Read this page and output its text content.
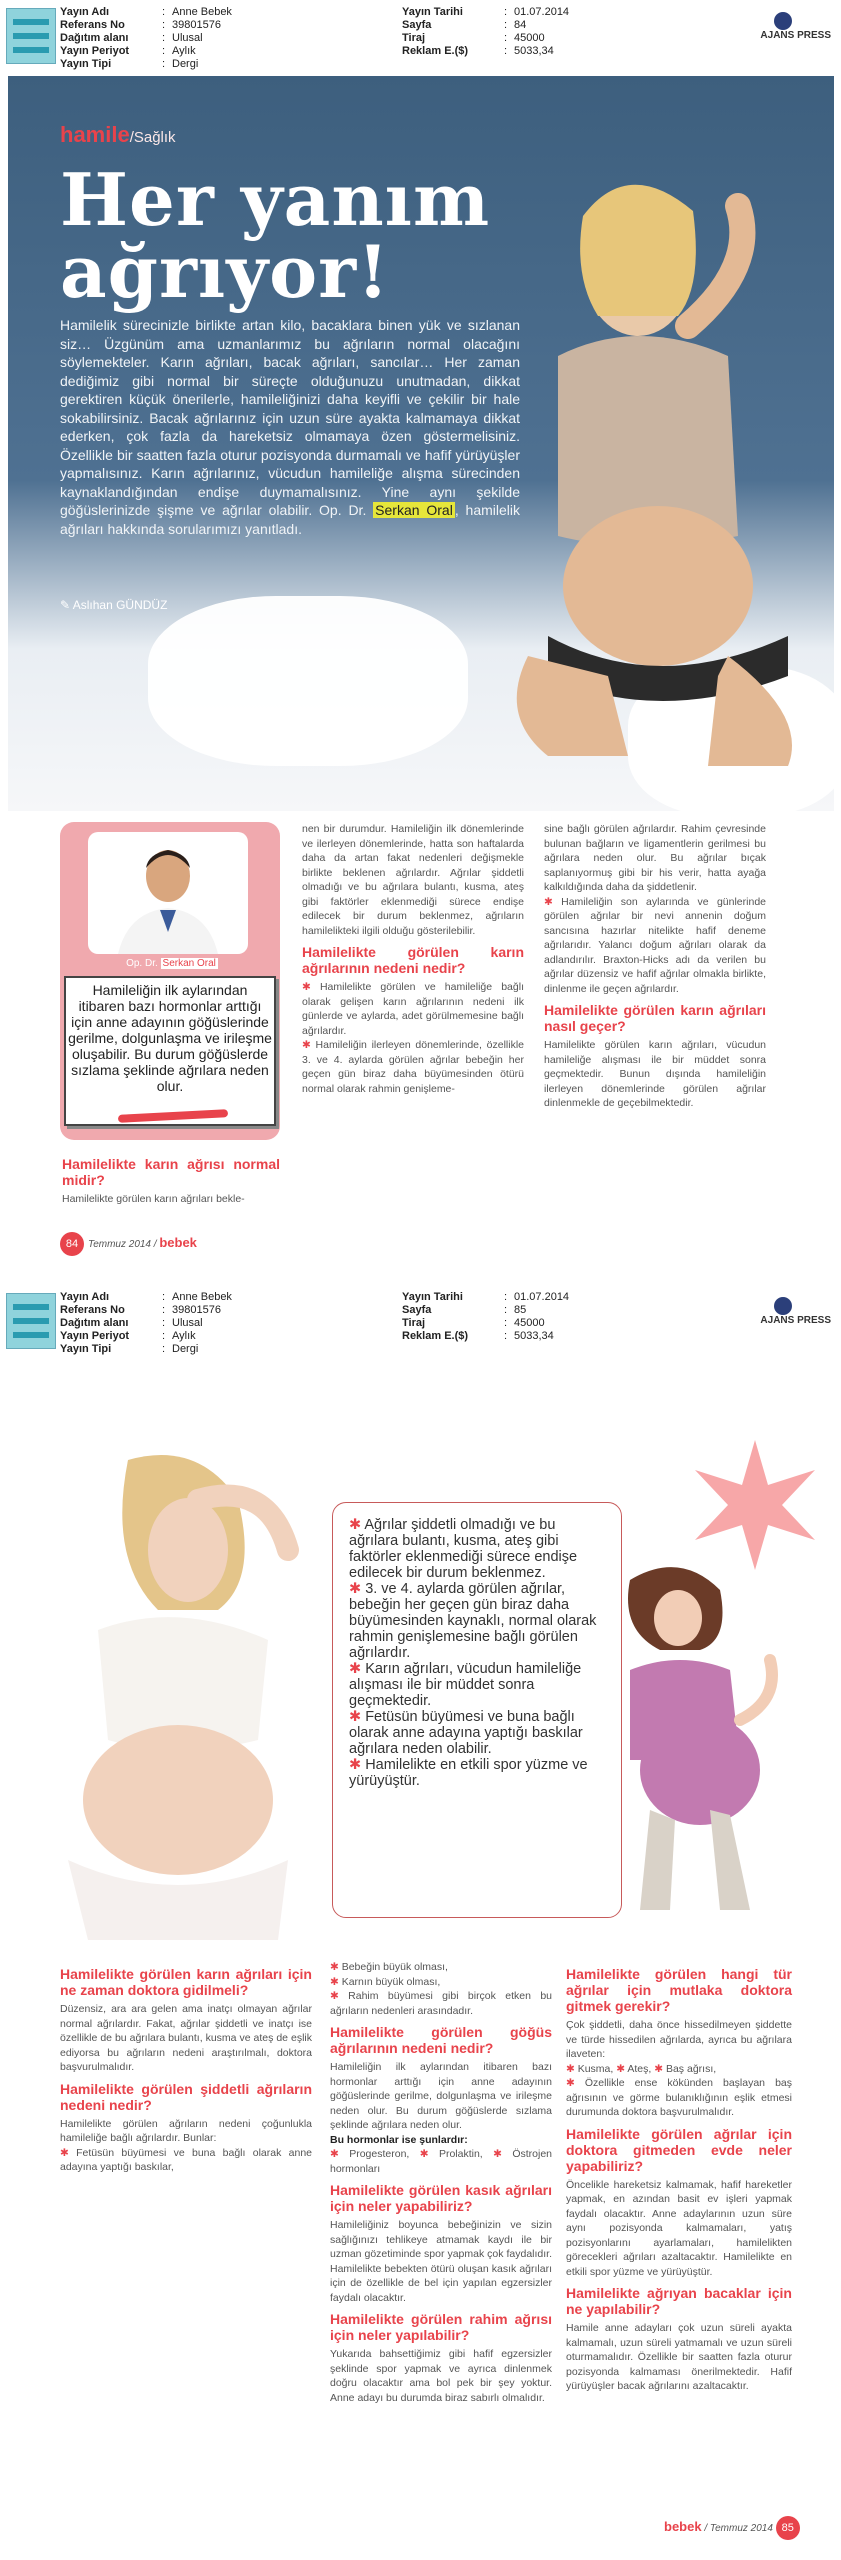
Yayın Adı	: Anne Bebek
Referans No	: 39801576
Dağıtım alanı	: Ulusal
Yayın Periyot	: Aylık
Yayın Tipi	: Dergi
Yayın Tarihi	: 01.07.2014
Sayfa	: 84
Tiraj	: 45000
Reklam E.($)	: 5033,34
AJANS PRESS
hamile/Sağlık
Her yanım
ağrıyor!
Hamilelik sürecinizle birlikte artan kilo, bacaklara binen yük ve sızlanan siz… Üzgünüm ama uzmanlarımız bu ağrıların normal olacağını söylemekteler. Karın ağrıları, bacak ağrıları, sancılar… Her zaman dediğimiz gibi normal bir süreçte olduğunuzu unutmadan, dikkat gerektiren küçük önerilerle, hamileliğinizi daha keyifli ve çekilir bir hale sokabilirsiniz. Bacak ağrılarınız için uzun süre ayakta kalmamaya dikkat ederken, çok fazla da hareketsiz olmamaya özen göstermelisiniz. Özellikle bir saatten fazla oturur pozisyonda durmamalı ve hafif yürüyüşler yapmalısınız. Karın ağrılarınız, vücudun hamileliğe alışma sürecinden kaynaklandığından endişe duymamalısınız. Yine aynı şekilde göğüslerinizde şişme ve ağrılar olabilir. Op. Dr. Serkan Oral , hamilelik ağrıları hakkında sorularımızı yanıtladı.
✎ Aslıhan GÜNDÜZ
Op. Dr. Serkan Oral
Hamileliğin ilk aylarından itibaren bazı hormonlar arttığı için anne adayının göğüslerinde gerilme, dolgunlaşma ve irileşme oluşabilir. Bu durum göğüslerde sızlama şeklinde ağrılara neden olur.
Hamilelikte karın ağrısı normal midir?
Hamilelikte görülen karın ağrıları bekle-
nen bir durumdur. Hamileliğin ilk dönemlerinde ve ilerleyen dönemlerinde, hatta son haftalarda daha da artan fakat nedenleri değişmekle birlikte beklenen ağrılardır. Ağrılar şiddetli olmadığı ve bu ağrılara bulantı, kusma, ateş gibi faktörler eklenmediği sürece endişe edilecek bir durum beklenmez, ağrıların hamilelikteki ilgili olduğu gösterilebilir.
Hamilelikte görülen karın ağrılarının nedeni nedir?
✱ Hamilelikte görülen ve hamileliğe bağlı olarak gelişen karın ağrılarının nedeni ilk günlerde ve aylarda, adet görülmemesine bağlı ağrılardır.
✱ Hamileliğin ilerleyen dönemlerinde, özellikle 3. ve 4. aylarda görülen ağrılar bebeğin her geçen gün biraz daha büyümesinden ötürü normal olarak rahmin genişleme-
sine bağlı görülen ağrılardır. Rahim çevresinde bulunan bağların ve ligamentlerin gerilmesi bu ağrılara neden olur. Bu ağrılar bıçak saplanıyormuş gibi bir his verir, hatta ayağa kalkıldığında daha da şiddetlenir.
✱ Hamileliğin son aylarında ve günlerinde görülen ağrılar bir nevi annenin doğum sancısına hazırlar nitelikte hafif deneme ağrılarıdır. Yalancı doğum ağrıları olarak da adlandırılır. Braxton-Hicks adı da verilen bu ağrılar düzensiz ve hafif ağrılar olmakla birlikte, dinlenme ile geçen ağrılardır.
Hamilelikte görülen karın ağrıları nasıl geçer?
Hamilelikte görülen karın ağrıları, vücudun hamileliğe alışması ile bir müddet sonra geçmektedir. Bunun dışında hamileliğin ilerleyen dönemlerinde görülen ağrılar dinlenmekle de geçebilmektedir.
84 Temmuz 2014 / bebek
Yayın Adı	: Anne Bebek
Referans No	: 39801576
Dağıtım alanı	: Ulusal
Yayın Periyot	: Aylık
Yayın Tipi	: Dergi
Yayın Tarihi	: 01.07.2014
Sayfa	: 85
Tiraj	: 45000
Reklam E.($)	: 5033,34
AJANS PRESS
✱ Ağrılar şiddetli olmadığı ve bu ağrılara bulantı, kusma, ateş gibi faktörler eklenmediği sürece endişe edilecek bir durum beklenmez.
✱ 3. ve 4. aylarda görülen ağrılar, bebeğin her geçen gün biraz daha büyümesinden kaynaklı, normal olarak rahmin genişlemesine bağlı görülen ağrılardır.
✱ Karın ağrıları, vücudun hamileliğe alışması ile bir müddet sonra geçmektedir.
✱ Fetüsün büyümesi ve buna bağlı olarak anne adayına yaptığı baskılar ağrılara neden olabilir.
✱ Hamilelikte en etkili spor yüzme ve yürüyüştür.
Hamilelikte görülen karın ağrıları için ne zaman doktora gidilmeli?
Düzensiz, ara ara gelen ama inatçı olmayan ağrılar normal ağrılardır. Fakat, ağrılar şiddetli ve inatçı ise özellikle de bu ağrılara bulantı, kusma ve ateş de eşlik ediyorsa bu ağrıların nedeni araştırılmalı, doktora başvurulmalıdır.
Hamilelikte görülen şiddetli ağrıların nedeni nedir?
Hamilelikte görülen ağrıların nedeni çoğunlukla hamileliğe bağlı ağrılardır. Bunlar:
✱ Fetüsün büyümesi ve buna bağlı olarak anne adayına yaptığı baskılar,
✱ Bebeğin büyük olması,
✱ Karnın büyük olması,
✱ Rahim büyümesi gibi birçok etken bu ağrıların nedenleri arasındadır.
Hamilelikte görülen göğüs ağrılarının nedeni nedir?
Hamileliğin ilk aylarından itibaren bazı hormonlar arttığı için anne adayının göğüslerinde gerilme, dolgunlaşma ve irileşme neden olur. Bu durum göğüslerde sızlama şeklinde ağrılara neden olur.
Bu hormonlar ise şunlardır:
✱ Progesteron, ✱ Prolaktin, ✱ Östrojen hormonları
Hamilelikte görülen kasık ağrıları için neler yapabiliriz?
Hamileliğiniz boyunca bebeğinizin ve sizin sağlığınızı tehlikeye atmamak kaydı ile bir uzman gözetiminde spor yapmak çok faydalıdır. Hamilelikte bebekten ötürü oluşan kasık ağrıları için de özellikle de bel için yapılan egzersizler faydalı olacaktır.
Hamilelikte görülen rahim ağrısı için neler yapılabilir?
Yukarıda bahsettiğimiz gibi hafif egzersizler şeklinde spor yapmak ve ayrıca dinlenmek doğru olacaktır ama bol pek bir şey yoktur. Anne adayı bu durumda biraz sabırlı olmalıdır.
Hamilelikte görülen hangi tür ağrılar için mutlaka doktora gitmek gerekir?
Çok şiddetli, daha önce hissedilmeyen şiddette ve türde hissedilen ağrılarda, ayrıca bu ağrılara ilaveten:
✱ Kusma, ✱ Ateş, ✱ Baş ağrısı,
✱ Özellikle ense kökünden başlayan baş ağrısının ve görme bulanıklığının eşlik etmesi durumunda doktora başvurulmalıdır.
Hamilelikte görülen ağrılar için doktora gitmeden evde neler yapabiliriz?
Öncelikle hareketsiz kalmamak, hafif hareketler yapmak, en azından basit ev işleri yapmak faydalı olacaktır. Anne adaylarının uzun süre aynı pozisyonda kalmamaları, yatış pozisyonlarını ayarlamaları, hamilelikten görecekleri ağrıları azaltacaktır. Hamilelikte en etkili spor yüzme ve yürüyüştür.
Hamilelikte ağrıyan bacaklar için ne yapılabilir?
Hamile anne adayları çok uzun süreli ayakta kalmamalı, uzun süreli yatmamalı ve uzun süreli oturmamalıdır. Özellikle bir saatten fazla oturur pozisyonda kalmaması önerilmektedir. Hafif yürüyüşler bacak ağrılarını azaltacaktır.
bebek / Temmuz 2014 85
